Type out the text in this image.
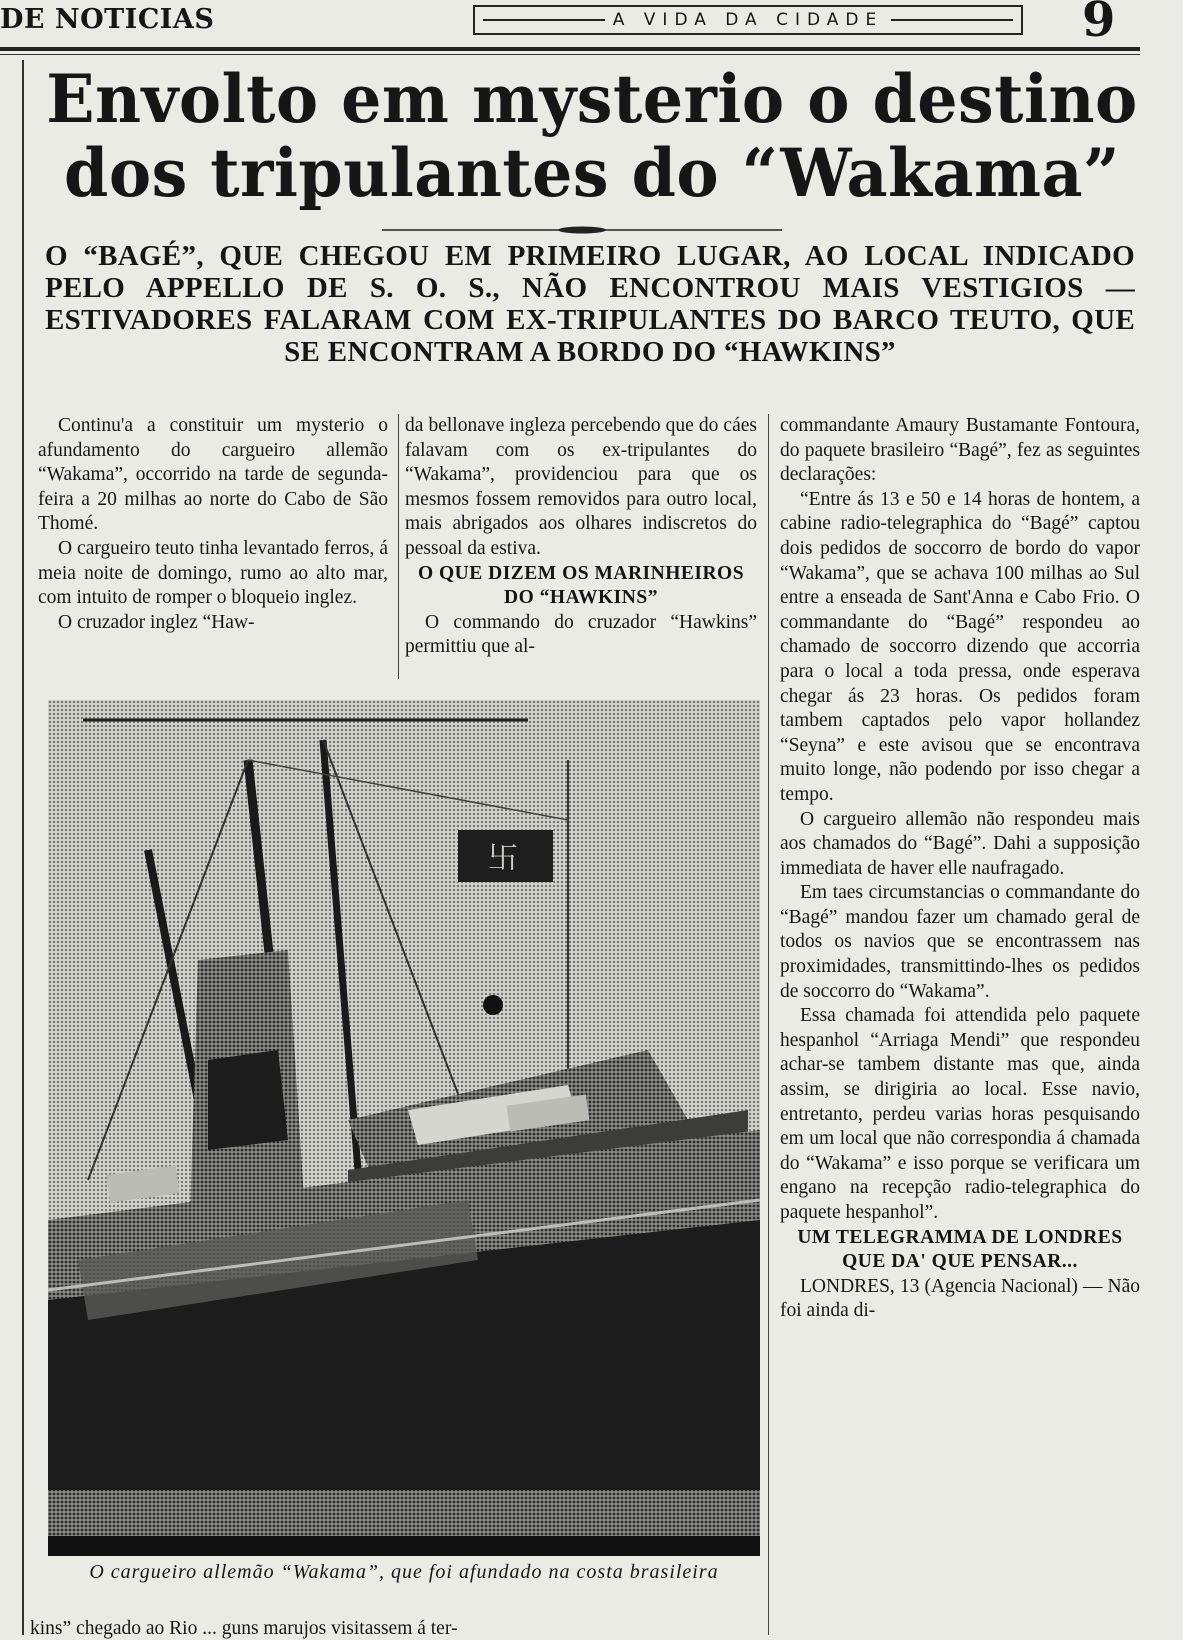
DE NOTICIAS	A VIDA DA CIDADE	9
Envolto em mysterio o destino
dos tripulantes do “Wakama”
O “BAGÉ”, QUE CHEGOU EM PRIMEIRO LUGAR, AO LOCAL INDICADO PELO APPELLO DE S. O. S., NÃO ENCONTROU MAIS VESTIGIOS — ESTIVADORES FALARAM COM EX-TRIPULANTES DO BARCO TEUTO, QUE SE ENCONTRAM A BORDO DO “HAWKINS”

Continu'a a constituir um mysterio o afundamento do cargueiro allemão “Wakama”, occorrido na tarde de segunda-feira a 20 milhas ao norte do Cabo de São Thomé.

O cargueiro teuto tinha levantado ferros, á meia noite de domingo, rumo ao alto mar, com intuito de romper o bloqueio inglez.

O cruzador inglez “Haw-

da bellonave ingleza percebendo que do cáes falavam com os ex-tripulantes do “Wakama”, providenciou para que os mesmos fossem removidos para outro local, mais abrigados aos olhares indiscretos do pessoal da estiva.

O QUE DIZEM OS MARINHEIROS DO “HAWKINS”

O commando do cruzador “Hawkins” permittiu que al-

commandante Amaury Bustamante Fontoura, do paquete brasileiro “Bagé”, fez as seguintes declarações:

“Entre ás 13 e 50 e 14 horas de hontem, a cabine radio-telegraphica do “Bagé” captou dois pedidos de soccorro de bordo do vapor “Wakama”, que se achava 100 milhas ao Sul entre a enseada de Sant'Anna e Cabo Frio. O commandante do “Bagé” respondeu ao chamado de soccorro dizendo que accorria para o local a toda pressa, onde esperava chegar ás 23 horas. Os pedidos foram tambem captados pelo vapor hollandez “Seyna” e este avisou que se encontrava muito longe, não podendo por isso chegar a tempo.

O cargueiro allemão não respondeu mais aos chamados do “Bagé”. Dahi a supposição immediata de haver elle naufragado.

Em taes circumstancias o commandante do “Bagé” mandou fazer um chamado geral de todos os navios que se encontrassem nas proximidades, transmittindo-lhes os pedidos de soccorro do “Wakama”.

Essa chamada foi attendida pelo paquete hespanhol “Arriaga Mendi” que respondeu achar-se tambem distante mas que, ainda assim, se dirigiria ao local. Esse navio, entretanto, perdeu varias horas pesquisando em um local que não correspondia á chamada do “Wakama” e isso porque se verificara um engano na recepção radio-telegraphica do paquete hespanhol”.

UM TELEGRAMMA DE LONDRES QUE DA' QUE PENSAR...

LONDRES, 13 (Agencia Nacional) — Não foi ainda di-

卐
O cargueiro allemão “Wakama”, que foi afundado na costa brasileira
kins” chegado ao Rio ... guns marujos visitassem á ter-
